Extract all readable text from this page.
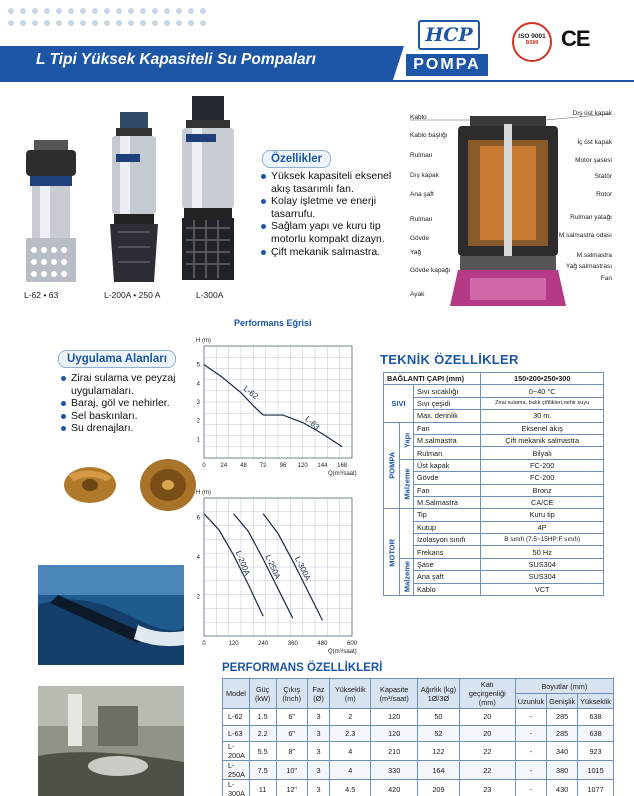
L Tipi Yüksek Kapasiteli Su Pompaları
HCP
POMPA
ISO 9001
BSMI	CE
L-62 • 63	L-200A • 250 A	L-300A
Özellikler
Yüksek kapasiteli eksenel akış tasarımlı fan.
Kolay işletme ve enerji tasarrufu.
Sağlam yapı ve kuru tip motorlu kompakt dizayn.
Çift mekanik salmastra.
Uygulama Alanları
Zirai sulama ve peyzaj uygulamaları.
Baraj, göl ve nehirler.
Sel baskınları.
Su drenajları.
Performans Eğrisi
0 24 48 72 96 120 144 168
1
2
3
4
5
H (m)
Q(m³/saat)
L-62
L-63
0	120	240	360	480	600
2
4
6
H (m)
Q(m³/saat)
L-200A L-250A L-300A
TEKNİK ÖZELLİKLER
BAĞLANTI ÇAPI (mm)			150•200•250•300
SIVI		Sıvı sıcaklığı	0~40 °C
		Sıvı çeşidi	Zirai sulama, balık çiftlikleri,nehir suyu
		Max. derinlik	30 m.
POMPA	Yapı	Fan	Eksenel akış
		M.salmastra	Çift mekanik salmastra
		Rulman	Bilyalı
	Malzeme	Üst kapak	FC-200
		Gövde	FC-200
		Fan	Bronz
		M.Salmastra	CA/CE
MOTOR		Tip	Kuru tip
		Kutup	4P
		İzolasyon sınıfı	B sınıfı (7.5~15HP:F sınıfı)
		Frekans	50 Hz
	Malzeme	Şase	SUS304
		Ana şaft	SUS304
		Kablo	VCT
PERFORMANS ÖZELLİKLERİ
Model	Güç (kW)	Çıkış (İnch)	Faz (Ø)	Yükseklik (m)	Kapasite (m³/saat)	Ağırlık (kg) 1Ø/3Ø	Katı geçirgenliği (mm)	Boyutlar (mm)		
								Uzunluk	Genişlik	Yükseklik
L-62	1.5	6"	3	2	120	50	20	-	285	638
L-63	2.2	6"	3	2.3	120	52	20	-	285	638
L-200A	5.5	8"	3	4	210	122	22	-	340	923
L-250A	7.5	10"	3	4	330	164	22	-	380	1015
L-300A	11	12"	3	4.5	420	209	23	-	430	1077
Kablo
Kablo başlığı
Rulman
Dış kapak
Ana şaft
Rulman
Gövde
Yağ
Gövde kapağı
Ayak
Dış üst kapak
İç üst kapak
Motor şasesi
Statör
Rotor
Rulman yatağı
M.salmastra odası
M.salmastra
Yağ salmastrası
Fan
